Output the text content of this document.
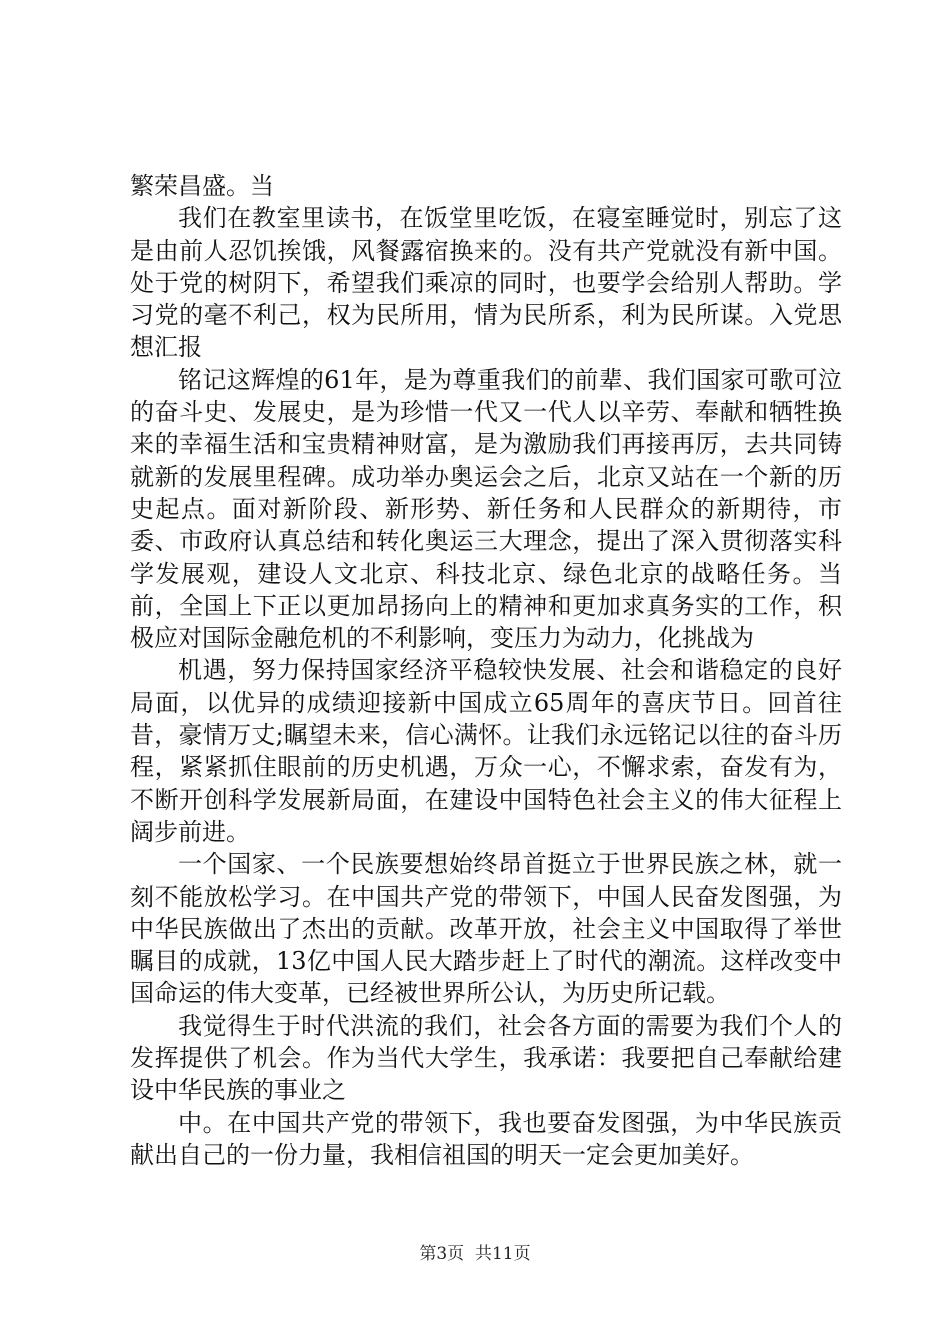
繁荣昌盛。当

我们在教室里读书，在饭堂里吃饭，在寝室睡觉时，别忘了这是由前人忍饥挨饿，风餐露宿换来的。没有共产党就没有新中国。处于党的树阴下，希望我们乘凉的同时，也要学会给别人帮助。学习党的毫不利己，权为民所用，情为民所系，利为民所谋。入党思想汇报

铭记这辉煌的61年，是为尊重我们的前辈、我们国家可歌可泣的奋斗史、发展史，是为珍惜一代又一代人以辛劳、奉献和牺牲换来的幸福生活和宝贵精神财富，是为激励我们再接再厉，去共同铸就新的发展里程碑。成功举办奥运会之后，北京又站在一个新的历史起点。面对新阶段、新形势、新任务和人民群众的新期待，市委、市政府认真总结和转化奥运三大理念，提出了深入贯彻落实科学发展观，建设人文北京、科技北京、绿色北京的战略任务。当前，全国上下正以更加昂扬向上的精神和更加求真务实的工作，积极应对国际金融危机的不利影响，变压力为动力，化挑战为

机遇，努力保持国家经济平稳较快发展、社会和谐稳定的良好局面，以优异的成绩迎接新中国成立65周年的喜庆节日。回首往昔，豪情万丈;瞩望未来，信心满怀。让我们永远铭记以往的奋斗历程，紧紧抓住眼前的历史机遇，万众一心，不懈求索，奋发有为，不断开创科学发展新局面，在建设中国特色社会主义的伟大征程上阔步前进。

一个国家、一个民族要想始终昂首挺立于世界民族之林，就一刻不能放松学习。在中国共产党的带领下，中国人民奋发图强，为中华民族做出了杰出的贡献。改革开放，社会主义中国取得了举世瞩目的成就，13亿中国人民大踏步赶上了时代的潮流。这样改变中国命运的伟大变革，已经被世界所公认，为历史所记载。

我觉得生于时代洪流的我们，社会各方面的需要为我们个人的发挥提供了机会。作为当代大学生，我承诺：我要把自己奉献给建设中华民族的事业之

中。在中国共产党的带领下，我也要奋发图强，为中华民族贡献出自己的一份力量，我相信祖国的明天一定会更加美好。

第3页  共11页
